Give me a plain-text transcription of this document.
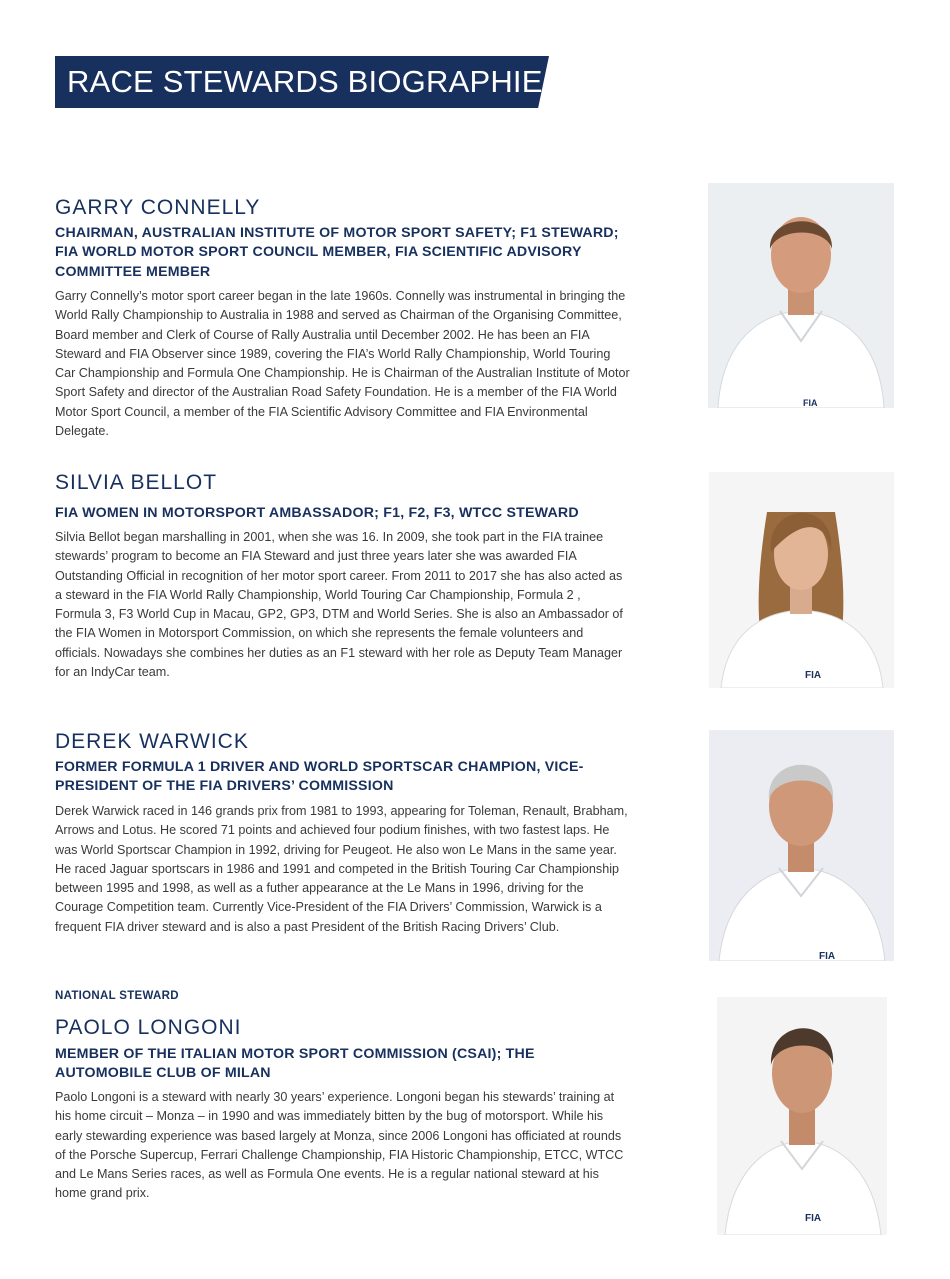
RACE STEWARDS BIOGRAPHIES
GARRY CONNELLY
CHAIRMAN, AUSTRALIAN INSTITUTE OF MOTOR SPORT SAFETY; F1 STEWARD; FIA WORLD MOTOR SPORT COUNCIL MEMBER, FIA SCIENTIFIC ADVISORY COMMITTEE MEMBER
Garry Connelly’s motor sport career began in the late 1960s. Connelly was instrumental in bringing the World Rally Championship to Australia in 1988 and served as Chairman of the Organising Committee, Board member and Clerk of Course of Rally Australia until December 2002. He has been an FIA Steward and FIA Observer since 1989, covering the FIA’s World Rally Championship, World Touring Car Championship and Formula One Championship. He is Chairman of the Australian Institute of Motor Sport Safety and director of the Australian Road Safety Foundation. He is a member of the FIA World Motor Sport Council, a member of the FIA Scientific Advisory Committee and FIA Environmental Delegate.
FIA
SILVIA BELLOT
FIA WOMEN IN MOTORSPORT AMBASSADOR; F1, F2, F3, WTCC STEWARD
Silvia Bellot began marshalling in 2001, when she was 16. In 2009, she took part in the FIA trainee stewards’ program to become an FIA Steward and just three years later she was awarded FIA Outstanding Official in recognition of her motor sport career. From 2011 to 2017 she has also acted as a steward in the FIA World Rally Championship, World Touring Car Championship, Formula 2 , Formula 3, F3 World Cup in Macau, GP2, GP3, DTM and World Series. She is also an Ambassador of the FIA Women in Motorsport Commission, on which she represents the female volunteers and officials. Nowadays she combines her duties as an F1 steward with her role as Deputy Team Manager for an IndyCar team.	FIA
DEREK WARWICK
FORMER FORMULA 1 DRIVER AND WORLD SPORTSCAR CHAMPION, VICE-PRESIDENT OF THE FIA DRIVERS’ COMMISSION
Derek Warwick raced in 146 grands prix from 1981 to 1993, appearing for Toleman, Renault, Brabham, Arrows and Lotus. He scored 71 points and achieved four podium finishes, with two fastest laps. He was World Sportscar Champion in 1992, driving for Peugeot. He also won Le Mans in the same year. He raced Jaguar sportscars in 1986 and 1991 and competed in the British Touring Car Championship between 1995 and 1998, as well as a futher appearance at the Le Mans in 1996, driving for the Courage Competition team. Currently Vice-President of the FIA Drivers’ Commission, Warwick is a frequent FIA driver steward and is also a past President of the British Racing Drivers’ Club.
FIA
NATIONAL STEWARD
PAOLO LONGONI
MEMBER OF THE ITALIAN MOTOR SPORT COMMISSION (CSAI); THE AUTOMOBILE CLUB OF MILAN
Paolo Longoni is a steward with nearly 30 years’ experience. Longoni began his stewards’ training at his home circuit – Monza – in 1990 and was immediately bitten by the bug of motorsport. While his early stewarding experience was based largely at Monza, since 2006 Longoni has officiated at rounds of the Porsche Supercup, Ferrari Challenge Championship, FIA Historic Championship, ETCC, WTCC and Le Mans Series races, as well as Formula One events. He is a regular national steward at his home grand prix.
FIA
